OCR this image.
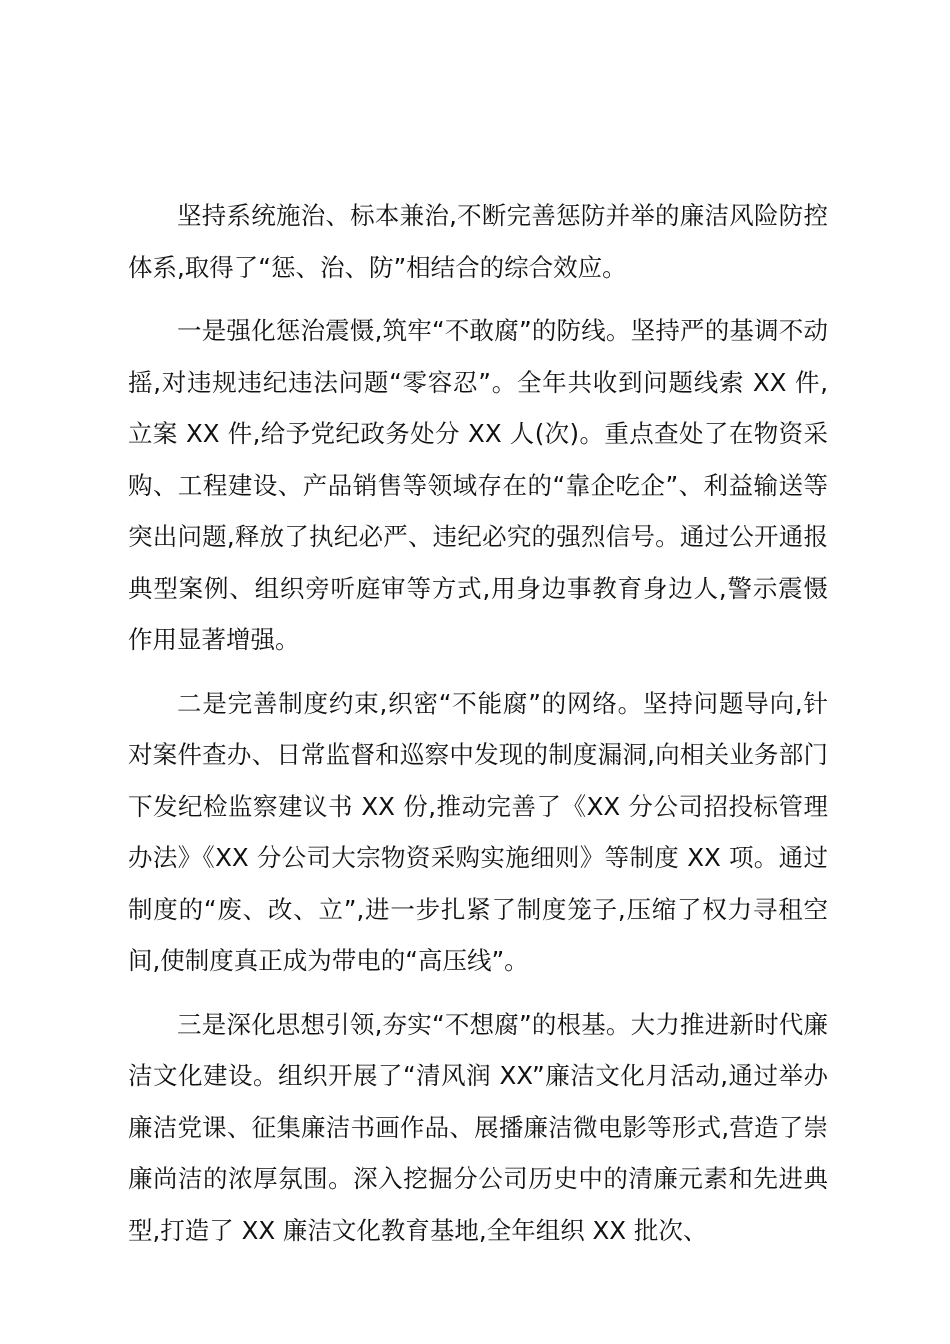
坚持系统施治、标本兼治,不断完善惩防并举的廉洁风险防控体系,取得了“惩、治、防”相结合的综合效应。

一是强化惩治震慑,筑牢“不敢腐”的防线。坚持严的基调不动摇,对违规违纪违法问题“零容忍”。全年共收到问题线索 XX 件,立案 XX 件,给予党纪政务处分 XX 人(次)。重点查处了在物资采购、工程建设、产品销售等领域存在的“靠企吃企”、利益输送等突出问题,释放了执纪必严、违纪必究的强烈信号。通过公开通报典型案例、组织旁听庭审等方式,用身边事教育身边人,警示震慑作用显著增强。

二是完善制度约束,织密“不能腐”的网络。坚持问题导向,针对案件查办、日常监督和巡察中发现的制度漏洞,向相关业务部门下发纪检监察建议书 XX 份,推动完善了《XX 分公司招投标管理办法》《XX 分公司大宗物资采购实施细则》等制度 XX 项。通过制度的“废、改、立”,进一步扎紧了制度笼子,压缩了权力寻租空间,使制度真正成为带电的“高压线”。

三是深化思想引领,夯实“不想腐”的根基。大力推进新时代廉洁文化建设。组织开展了“清风润 XX”廉洁文化月活动,通过举办廉洁党课、征集廉洁书画作品、展播廉洁微电影等形式,营造了崇廉尚洁的浓厚氛围。深入挖掘分公司历史中的清廉元素和先进典型,打造了 XX 廉洁文化教育基地,全年组织 XX 批次、
